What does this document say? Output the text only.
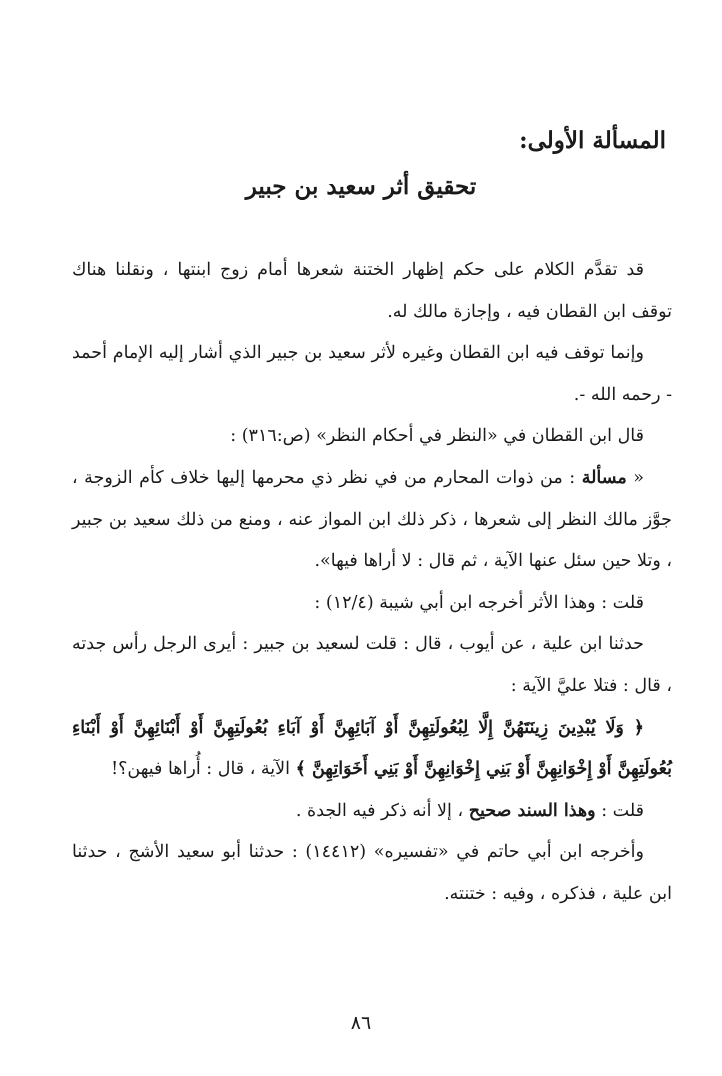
المسألة الأولى:
تحقيق أثر سعيد بن جبير

قد تقدَّم الكلام على حكم إظهار الختنة شعرها أمام زوج ابنتها ، ونقلنا هناك توقف ابن القطان فيه ، وإجازة مالك له.

وإنما توقف فيه ابن القطان وغيره لأثر سعيد بن جبير الذي أشار إليه الإمام أحمد - رحمه الله -.

قال ابن القطان في «النظر في أحكام النظر» (ص:٣١٦) :

« مسألة : من ذوات المحارم من في نظر ذي محرمها إليها خلاف كأم الزوجة ، جوَّز مالك النظر إلى شعرها ، ذكر ذلك ابن المواز عنه ، ومنع من ذلك سعيد بن جبير ، وتلا حين سئل عنها الآية ، ثم قال : لا أراها فيها».

قلت : وهذا الأثر أخرجه ابن أبي شيبة (١٢/٤) :

حدثنا ابن علية ، عن أيوب ، قال : قلت لسعيد بن جبير : أيرى الرجل رأس جدته ، قال : فتلا عليَّ الآية :

﴿ وَلَا يُبْدِينَ زِينَتَهُنَّ إِلَّا لِبُعُولَتِهِنَّ أَوْ آبَائِهِنَّ أَوْ آبَاءِ بُعُولَتِهِنَّ أَوْ أَبْنَائِهِنَّ أَوْ أَبْنَاءِ بُعُولَتِهِنَّ أَوْ إِخْوَانِهِنَّ أَوْ بَنِي إِخْوَانِهِنَّ أَوْ بَنِي أَخَوَاتِهِنَّ ﴾ الآية ، قال : أُراها فيهن؟!

قلت : وهذا السند صحيح ، إلا أنه ذكر فيه الجدة .

وأخرجه ابن أبي حاتم في «تفسيره» (١٤٤١٢) : حدثنا أبو سعيد الأشج ، حدثنا ابن علية ، فذكره ، وفيه : ختنته.

٨٦
